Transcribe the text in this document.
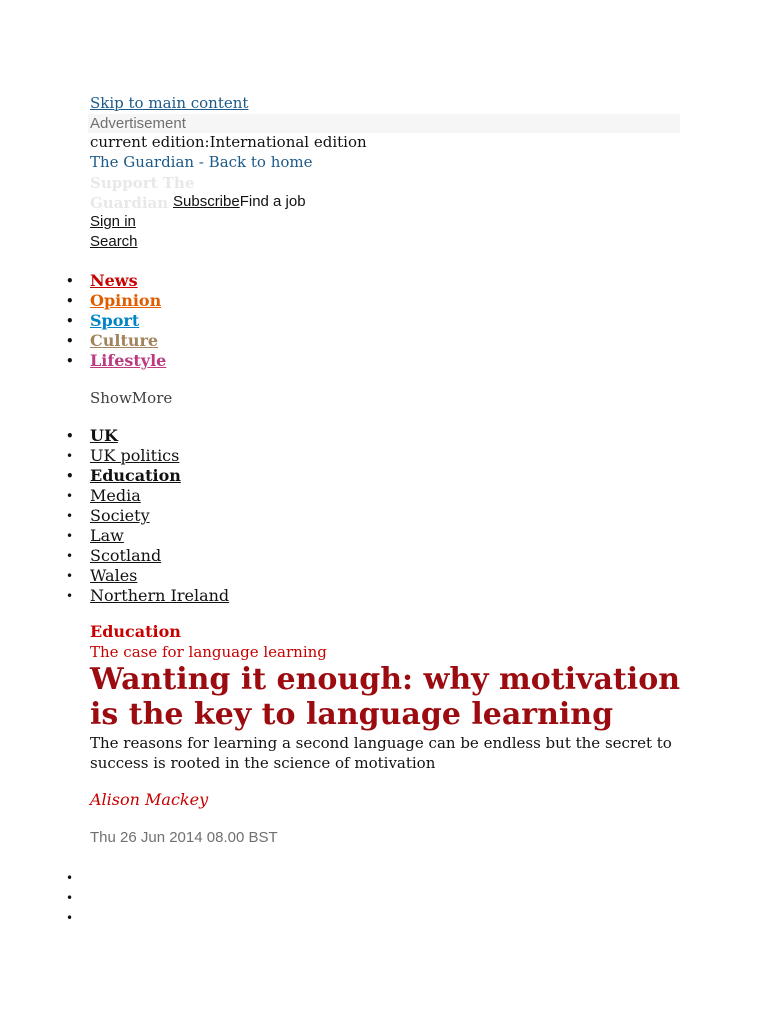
Skip to main content
Advertisement
current edition:International edition
The Guardian - Back to home
Support The Guardian SubscribeFind a job
Sign in
Search
• News
• Opinion
• Sport
• Culture
• Lifestyle
ShowMore
• UK
• UK politics
• Education
• Media
• Society
• Law
• Scotland
• Wales
• Northern Ireland
Education
The case for language learning
Wanting it enough: why motivation is the key to language learning
The reasons for learning a second language can be endless but the secret to success is rooted in the science of motivation
Alison Mackey
Thu 26 Jun 2014 08.00 BST
•
•
•
